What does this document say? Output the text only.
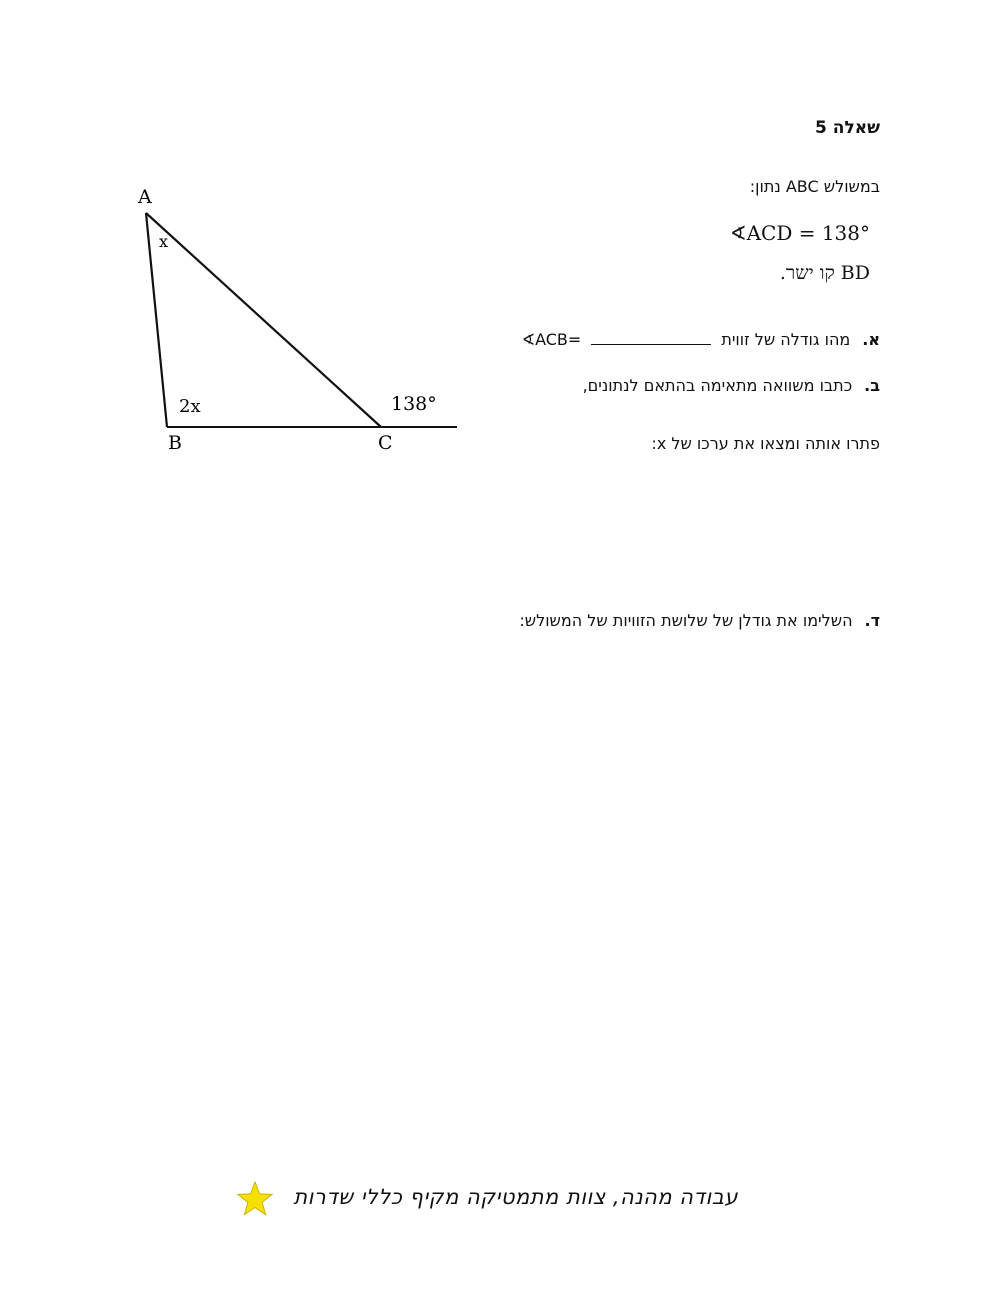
שאלה 5
במשולש ABC נתון:
∢ACD = 138°
BD קו ישר.
א.מהו גודלה של זווית∢ACB=
ב.כתבו משוואה מתאימה בהתאם לנתונים,
פתרו אותה ומצאו את ערכו של x:
ד.השלימו את גודלן של שלושת הזוויות של המשולש:
A
x
2x	138°
B	C
עבודה מהנה, צוות מתמטיקה מקיף כללי שדרות
